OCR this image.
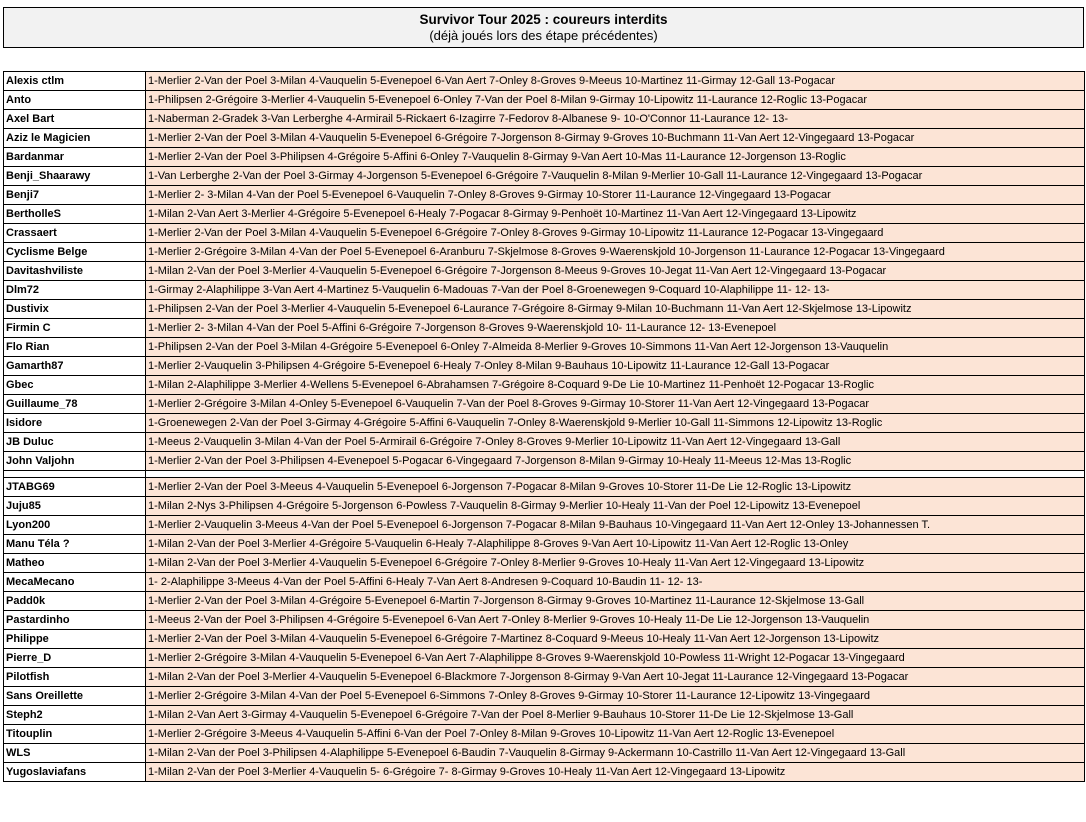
Survivor Tour 2025 : coureurs interdits
(déjà joués lors des étape précédentes)
Alexis ctlm	1-Merlier 2-Van der Poel 3-Milan 4-Vauquelin 5-Evenepoel 6-Van Aert 7-Onley 8-Groves 9-Meeus 10-Martinez 11-Girmay 12-Gall 13-Pogacar
Anto	1-Philipsen 2-Grégoire 3-Merlier 4-Vauquelin 5-Evenepoel 6-Onley 7-Van der Poel 8-Milan 9-Girmay 10-Lipowitz 11-Laurance 12-Roglic 13-Pogacar
Axel Bart	1-Naberman 2-Gradek 3-Van Lerberghe 4-Armirail 5-Rickaert 6-Izagirre 7-Fedorov 8-Albanese 9- 10-O'Connor 11-Laurance 12- 13-
Aziz le Magicien	1-Merlier 2-Van der Poel 3-Milan 4-Vauquelin 5-Evenepoel 6-Grégoire 7-Jorgenson 8-Girmay 9-Groves 10-Buchmann 11-Van Aert 12-Vingegaard 13-Pogacar
Bardanmar	1-Merlier 2-Van der Poel 3-Philipsen 4-Grégoire 5-Affini 6-Onley 7-Vauquelin 8-Girmay 9-Van Aert 10-Mas 11-Laurance 12-Jorgenson 13-Roglic
Benji_Shaarawy	1-Van Lerberghe 2-Van der Poel 3-Girmay 4-Jorgenson 5-Evenepoel 6-Grégoire 7-Vauquelin 8-Milan 9-Merlier 10-Gall 11-Laurance 12-Vingegaard 13-Pogacar
Benji7	1-Merlier 2- 3-Milan 4-Van der Poel 5-Evenepoel 6-Vauquelin 7-Onley 8-Groves 9-Girmay 10-Storer 11-Laurance 12-Vingegaard 13-Pogacar
BertholleS	1-Milan 2-Van Aert 3-Merlier 4-Grégoire 5-Evenepoel 6-Healy 7-Pogacar 8-Girmay 9-Penhoët 10-Martinez 11-Van Aert 12-Vingegaard 13-Lipowitz
Crassaert	1-Merlier 2-Van der Poel 3-Milan 4-Vauquelin 5-Evenepoel 6-Grégoire 7-Onley 8-Groves 9-Girmay 10-Lipowitz 11-Laurance 12-Pogacar 13-Vingegaard
Cyclisme Belge	1-Merlier 2-Grégoire 3-Milan 4-Van der Poel 5-Evenepoel 6-Aranburu 7-Skjelmose 8-Groves 9-Waerenskjold 10-Jorgenson 11-Laurance 12-Pogacar 13-Vingegaard
Davitashviliste	1-Milan 2-Van der Poel 3-Merlier 4-Vauquelin 5-Evenepoel 6-Grégoire 7-Jorgenson 8-Meeus 9-Groves 10-Jegat 11-Van Aert 12-Vingegaard 13-Pogacar
Dlm72	1-Girmay 2-Alaphilippe 3-Van Aert 4-Martinez 5-Vauquelin 6-Madouas 7-Van der Poel 8-Groenewegen 9-Coquard 10-Alaphilippe 11- 12- 13-
Dustivix	1-Philipsen 2-Van der Poel 3-Merlier 4-Vauquelin 5-Evenepoel 6-Laurance 7-Grégoire 8-Girmay 9-Milan 10-Buchmann 11-Van Aert 12-Skjelmose 13-Lipowitz
Firmin C	1-Merlier 2- 3-Milan 4-Van der Poel 5-Affini 6-Grégoire 7-Jorgenson 8-Groves 9-Waerenskjold 10- 11-Laurance 12- 13-Evenepoel
Flo Rian	1-Philipsen 2-Van der Poel 3-Milan 4-Grégoire 5-Evenepoel 6-Onley 7-Almeida 8-Merlier 9-Groves 10-Simmons 11-Van Aert 12-Jorgenson 13-Vauquelin
Gamarth87	1-Merlier 2-Vauquelin 3-Philipsen 4-Grégoire 5-Evenepoel 6-Healy 7-Onley 8-Milan 9-Bauhaus 10-Lipowitz 11-Laurance 12-Gall 13-Pogacar
Gbec	1-Milan 2-Alaphilippe 3-Merlier 4-Wellens 5-Evenepoel 6-Abrahamsen 7-Grégoire 8-Coquard 9-De Lie 10-Martinez 11-Penhoët 12-Pogacar 13-Roglic
Guillaume_78	1-Merlier 2-Grégoire 3-Milan 4-Onley 5-Evenepoel 6-Vauquelin 7-Van der Poel 8-Groves 9-Girmay 10-Storer 11-Van Aert 12-Vingegaard 13-Pogacar
Isidore	1-Groenewegen 2-Van der Poel 3-Girmay 4-Grégoire 5-Affini 6-Vauquelin 7-Onley 8-Waerenskjold 9-Merlier 10-Gall 11-Simmons 12-Lipowitz 13-Roglic
JB Duluc	1-Meeus 2-Vauquelin 3-Milan 4-Van der Poel 5-Armirail 6-Grégoire 7-Onley 8-Groves 9-Merlier 10-Lipowitz 11-Van Aert 12-Vingegaard 13-Gall
John Valjohn	1-Merlier 2-Van der Poel 3-Philipsen 4-Evenepoel 5-Pogacar 6-Vingegaard 7-Jorgenson 8-Milan 9-Girmay 10-Healy 11-Meeus 12-Mas 13-Roglic

JTABG69	1-Merlier 2-Van der Poel 3-Meeus 4-Vauquelin 5-Evenepoel 6-Jorgenson 7-Pogacar 8-Milan 9-Groves 10-Storer 11-De Lie 12-Roglic 13-Lipowitz
Juju85	1-Milan 2-Nys 3-Philipsen 4-Grégoire 5-Jorgenson 6-Powless 7-Vauquelin 8-Girmay 9-Merlier 10-Healy 11-Van der Poel 12-Lipowitz 13-Evenepoel
Lyon200	1-Merlier 2-Vauquelin 3-Meeus 4-Van der Poel 5-Evenepoel 6-Jorgenson 7-Pogacar 8-Milan 9-Bauhaus 10-Vingegaard 11-Van Aert 12-Onley 13-Johannessen T.
Manu Téla ?	1-Milan 2-Van der Poel 3-Merlier 4-Grégoire 5-Vauquelin 6-Healy 7-Alaphilippe 8-Groves 9-Van Aert 10-Lipowitz 11-Van Aert 12-Roglic 13-Onley
Matheo	1-Milan 2-Van der Poel 3-Merlier 4-Vauquelin 5-Evenepoel 6-Grégoire 7-Onley 8-Merlier 9-Groves 10-Healy 11-Van Aert 12-Vingegaard 13-Lipowitz
MecaMecano	1- 2-Alaphilippe 3-Meeus 4-Van der Poel 5-Affini 6-Healy 7-Van Aert 8-Andresen 9-Coquard 10-Baudin 11- 12- 13-
Padd0k	1-Merlier 2-Van der Poel 3-Milan 4-Grégoire 5-Evenepoel 6-Martin 7-Jorgenson 8-Girmay 9-Groves 10-Martinez 11-Laurance 12-Skjelmose 13-Gall
Pastardinho	1-Meeus 2-Van der Poel 3-Philipsen 4-Grégoire 5-Evenepoel 6-Van Aert 7-Onley 8-Merlier 9-Groves 10-Healy 11-De Lie 12-Jorgenson 13-Vauquelin
Philippe	1-Merlier 2-Van der Poel 3-Milan 4-Vauquelin 5-Evenepoel 6-Grégoire 7-Martinez 8-Coquard 9-Meeus 10-Healy 11-Van Aert 12-Jorgenson 13-Lipowitz
Pierre_D	1-Merlier 2-Grégoire 3-Milan 4-Vauquelin 5-Evenepoel 6-Van Aert 7-Alaphilippe 8-Groves 9-Waerenskjold 10-Powless 11-Wright 12-Pogacar 13-Vingegaard
Pilotfish	1-Milan 2-Van der Poel 3-Merlier 4-Vauquelin 5-Evenepoel 6-Blackmore 7-Jorgenson 8-Girmay 9-Van Aert 10-Jegat 11-Laurance 12-Vingegaard 13-Pogacar
Sans Oreillette	1-Merlier 2-Grégoire 3-Milan 4-Van der Poel 5-Evenepoel 6-Simmons 7-Onley 8-Groves 9-Girmay 10-Storer 11-Laurance 12-Lipowitz 13-Vingegaard
Steph2	1-Milan 2-Van Aert 3-Girmay 4-Vauquelin 5-Evenepoel 6-Grégoire 7-Van der Poel 8-Merlier 9-Bauhaus 10-Storer 11-De Lie 12-Skjelmose 13-Gall
Titouplin	1-Merlier 2-Grégoire 3-Meeus 4-Vauquelin 5-Affini 6-Van der Poel 7-Onley 8-Milan 9-Groves 10-Lipowitz 11-Van Aert 12-Roglic 13-Evenepoel
WLS	1-Milan 2-Van der Poel 3-Philipsen 4-Alaphilippe 5-Evenepoel 6-Baudin 7-Vauquelin 8-Girmay 9-Ackermann 10-Castrillo 11-Van Aert 12-Vingegaard 13-Gall
Yugoslaviafans	1-Milan 2-Van der Poel 3-Merlier 4-Vauquelin 5- 6-Grégoire 7- 8-Girmay 9-Groves 10-Healy 11-Van Aert 12-Vingegaard 13-Lipowitz
